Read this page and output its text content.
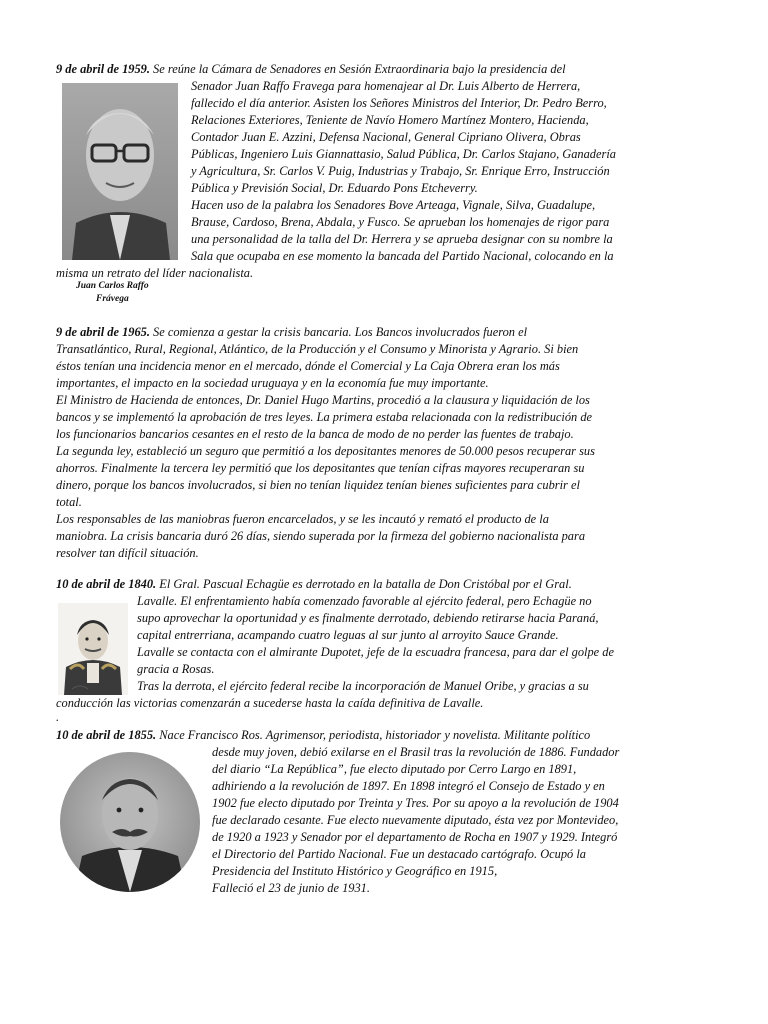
9 de abril de 1959. Se reúne la Cámara de Senadores en Sesión Extraordinaria bajo la presidencia del

Senador Juan Raffo Fravega para homenajear al Dr. Luis Alberto de Herrera,

fallecido el día anterior. Asisten los Señores Ministros del Interior, Dr. Pedro Berro,

Relaciones Exteriores, Teniente de Navío Homero Martínez Montero, Hacienda,

Contador Juan E. Azzini, Defensa Nacional, General Cipriano Olivera, Obras

Públicas, Ingeniero Luis Giannattasio, Salud Pública, Dr. Carlos Stajano, Ganadería

y Agricultura, Sr. Carlos V. Puig, Industrias y Trabajo, Sr. Enrique Erro, Instrucción

Pública y Previsión Social, Dr. Eduardo Pons Etcheverry.

Hacen uso de la palabra los Senadores Bove Arteaga, Vignale, Silva, Guadalupe,

Brause, Cardoso, Brena, Abdala, y Fusco. Se aprueban los homenajes de rigor para

una personalidad de la talla del Dr. Herrera y se aprueba designar con su nombre la

Sala que ocupaba en ese momento la bancada del Partido Nacional, colocando en la

misma un retrato del líder nacionalista.

Juan Carlos Raffo

Frávega

9 de abril de 1965. Se comienza a gestar la crisis bancaria. Los Bancos involucrados fueron el

Transatlántico, Rural, Regional, Atlántico, de la Producción y el Consumo y Minorista y Agrario. Si bien

éstos tenían una incidencia menor en el mercado, dónde el Comercial y La Caja Obrera eran los más

importantes, el impacto en la sociedad uruguaya y en la economía fue muy importante.

El Ministro de Hacienda de entonces, Dr. Daniel Hugo Martins, procedió a la clausura y liquidación de los

bancos y se implementó la aprobación de tres leyes. La primera estaba relacionada con la redistribución de

los funcionarios bancarios cesantes en el resto de la banca de modo de no perder las fuentes de trabajo.

La segunda ley, estableció un seguro que permitió a los depositantes menores de 50.000 pesos recuperar sus

ahorros. Finalmente la tercera ley permitió que los depositantes que tenían cifras mayores recuperaran su

dinero, porque los bancos involucrados, si bien no tenían liquidez tenían bienes suficientes para cubrir el

total.

Los responsables de las maniobras fueron encarcelados, y se les incautó y remató el producto de la

maniobra. La crisis bancaria duró 26 días, siendo superada por la firmeza del gobierno nacionalista para

resolver tan difícil situación.

10 de abril de 1840. El Gral. Pascual Echagüe es derrotado en la batalla de Don Cristóbal por el Gral.

Lavalle. El enfrentamiento había comenzado favorable al ejército federal, pero Echagüe no

supo aprovechar la oportunidad y es finalmente derrotado, debiendo retirarse hacia Paraná,

capital entrerriana, acampando cuatro leguas al sur junto al arroyito Sauce Grande.

Lavalle se contacta con el almirante Dupotet, jefe de la escuadra francesa, para dar el golpe de

gracia a Rosas.

Tras la derrota, el ejército federal recibe la incorporación de Manuel Oribe, y gracias a su

conducción las victorias comenzarán a sucederse hasta la caída definitiva de Lavalle.

.

10 de abril de 1855. Nace Francisco Ros. Agrimensor, periodista, historiador y novelista. Militante político

desde muy joven, debió exilarse en el Brasil tras la revolución de 1886. Fundador

del diario “La República”, fue electo diputado por Cerro Largo en 1891,

adhiriendo a la revolución de 1897. En 1898 integró el Consejo de Estado y en

1902 fue electo diputado por Treinta y Tres. Por su apoyo a la revolución de 1904

fue declarado cesante. Fue electo nuevamente diputado, ésta vez por Montevideo,

de 1920 a 1923 y Senador por el departamento de Rocha en 1907 y 1929. Integró

el Directorio del Partido Nacional. Fue un destacado cartógrafo. Ocupó la

Presidencia del Instituto Histórico y Geográfico en 1915,

Falleció el 23 de junio de 1931.
